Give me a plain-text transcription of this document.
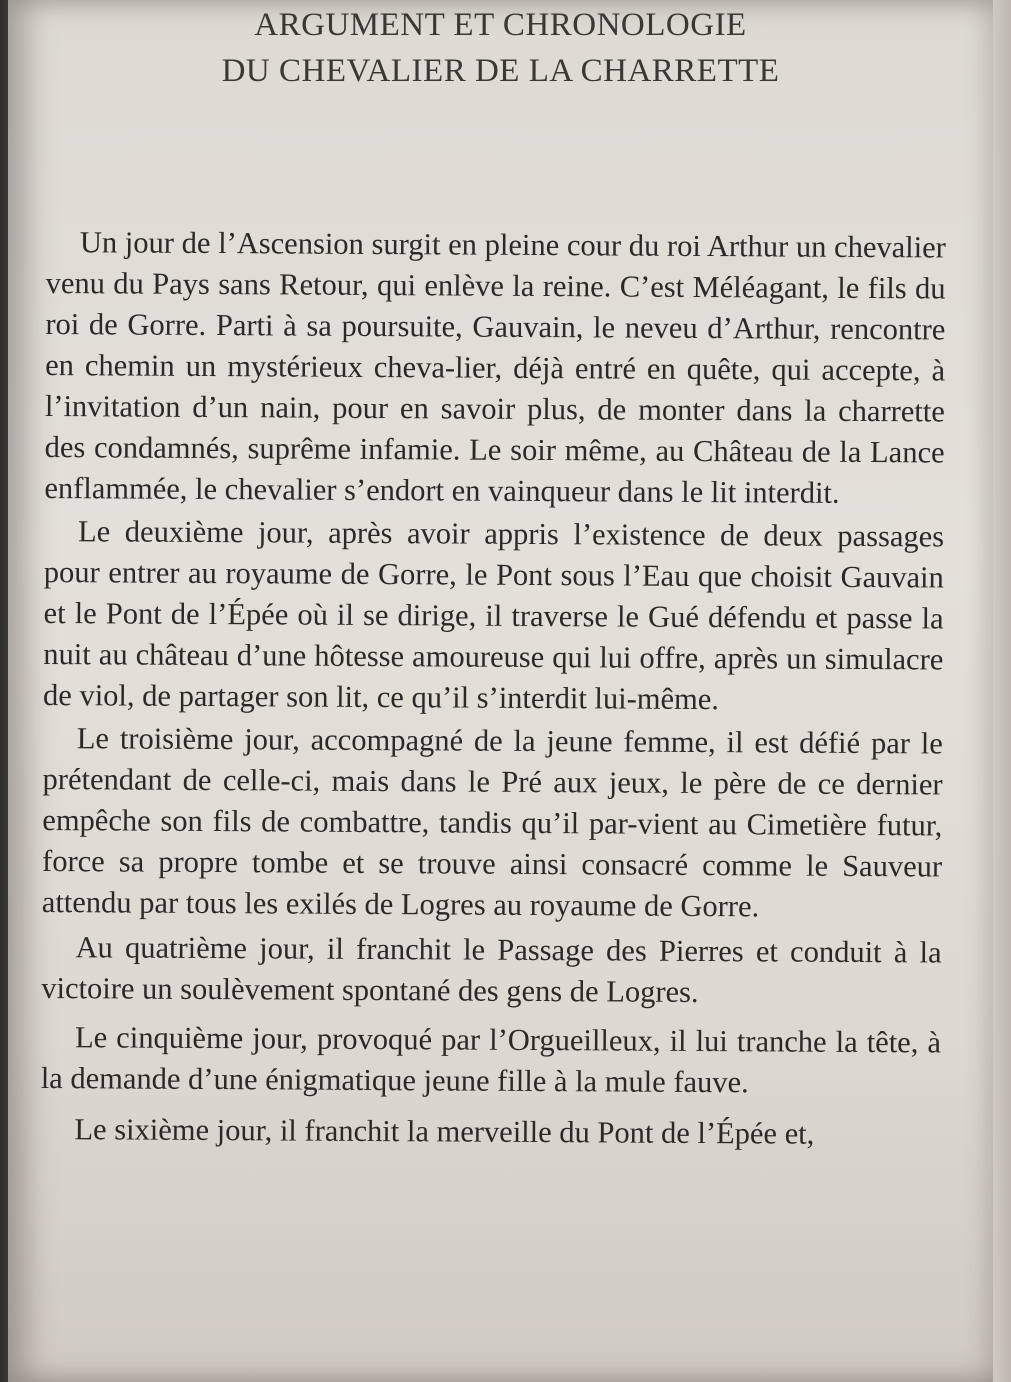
ARGUMENT ET CHRONOLOGIE
DU CHEVALIER DE LA CHARRETTE

Un jour de l’Ascension surgit en pleine cour du roi Arthur un chevalier venu du Pays sans Retour, qui enlève la reine. C’est Méléagant, le fils du roi de Gorre. Parti à sa poursuite, Gauvain, le neveu d’Arthur, rencontre en chemin un mystérieux cheva-lier, déjà entré en quête, qui accepte, à l’invitation d’un nain, pour en savoir plus, de monter dans la charrette des condamnés, suprême infamie. Le soir même, au Château de la Lance enflammée, le chevalier s’endort en vainqueur dans le lit interdit.

Le deuxième jour, après avoir appris l’existence de deux passages pour entrer au royaume de Gorre, le Pont sous l’Eau que choisit Gauvain et le Pont de l’Épée où il se dirige, il traverse le Gué défendu et passe la nuit au château d’une hôtesse amoureuse qui lui offre, après un simulacre de viol, de partager son lit, ce qu’il s’interdit lui-même.

Le troisième jour, accompagné de la jeune femme, il est défié par le prétendant de celle-ci, mais dans le Pré aux jeux, le père de ce dernier empêche son fils de combattre, tandis qu’il par-vient au Cimetière futur, force sa propre tombe et se trouve ainsi consacré comme le Sauveur attendu par tous les exilés de Logres au royaume de Gorre.

Au quatrième jour, il franchit le Passage des Pierres et conduit à la victoire un soulèvement spontané des gens de Logres.

Le cinquième jour, provoqué par l’Orgueilleux, il lui tranche la tête, à la demande d’une énigmatique jeune fille à la mule fauve.

Le sixième jour, il franchit la merveille du Pont de l’Épée et,
